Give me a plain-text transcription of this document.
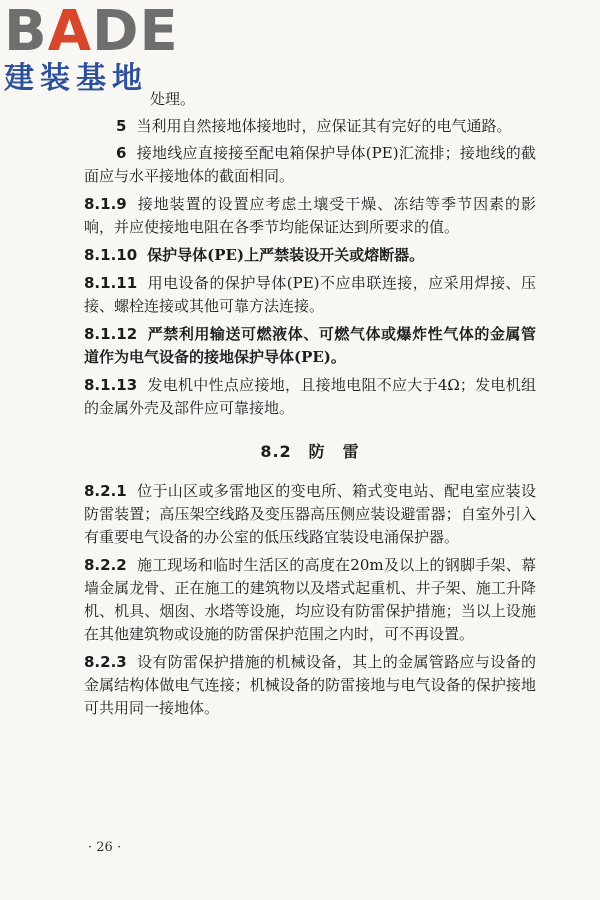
BADE
建装基地

处理。

5 当利用自然接地体接地时，应保证其有完好的电气通路。

6 接地线应直接接至配电箱保护导体(PE)汇流排；接地线的截面应与水平接地体的截面相同。

8.1.9 接地装置的设置应考虑土壤受干燥、冻结等季节因素的影响，并应使接地电阻在各季节均能保证达到所要求的值。

8.1.10 保护导体(PE)上严禁装设开关或熔断器。

8.1.11 用电设备的保护导体(PE)不应串联连接，应采用焊接、压接、螺栓连接或其他可靠方法连接。

8.1.12 严禁利用输送可燃液体、可燃气体或爆炸性气体的金属管道作为电气设备的接地保护导体(PE)。

8.1.13 发电机中性点应接地，且接地电阻不应大于4Ω；发电机组的金属外壳及部件应可靠接地。

8.2　 防　雷

8.2.1 位于山区或多雷地区的变电所、箱式变电站、配电室应装设防雷装置；高压架空线路及变压器高压侧应装设避雷器；自室外引入有重要电气设备的办公室的低压线路宜装设电涌保护器。

8.2.2 施工现场和临时生活区的高度在20m及以上的钢脚手架、幕墙金属龙骨、正在施工的建筑物以及塔式起重机、井子架、施工升降机、机具、烟囱、水塔等设施，均应设有防雷保护措施；当以上设施在其他建筑物或设施的防雷保护范围之内时，可不再设置。

8.2.3 设有防雷保护措施的机械设备，其上的金属管路应与设备的金属结构体做电气连接；机械设备的防雷接地与电气设备的保护接地可共用同一接地体。

· 26 ·
